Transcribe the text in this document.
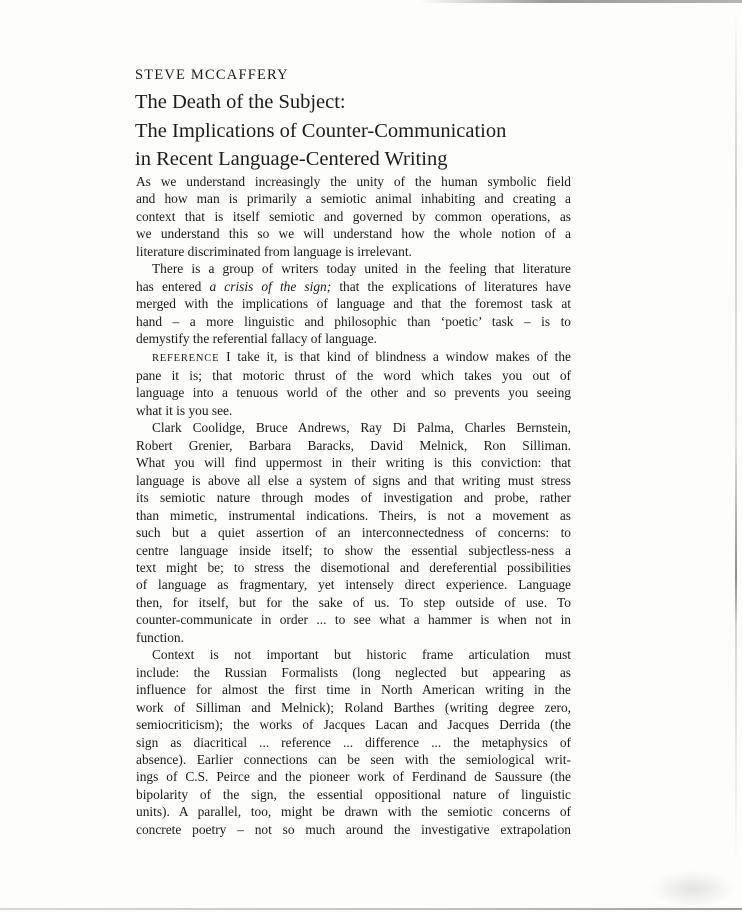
STEVE MCCAFFERY
The Death of the Subject:
The Implications of Counter-Communication
in Recent Language-Centered Writing
As we understand increasingly the unity of the human symbolic field
and how man is primarily a semiotic animal inhabiting and creating a
context that is itself semiotic and governed by common operations, as
we understand this so we will understand how the whole notion of a
literature discriminated from language is irrelevant.
There is a group of writers today united in the feeling that literature
has entered a crisis of the sign; that the explications of literatures have
merged with the implications of language and that the foremost task at
hand – a more linguistic and philosophic than ‘poetic’ task – is to
demystify the referential fallacy of language.
REFERENCE I take it, is that kind of blindness a window makes of the
pane it is; that motoric thrust of the word which takes you out of
language into a tenuous world of the other and so prevents you seeing
what it is you see.
Clark Coolidge, Bruce Andrews, Ray Di Palma, Charles Bernstein,
Robert Grenier, Barbara Baracks, David Melnick, Ron Silliman.
What you will find uppermost in their writing is this conviction: that
language is above all else a system of signs and that writing must stress
its semiotic nature through modes of investigation and probe, rather
than mimetic, instrumental indications. Theirs, is not a movement as
such but a quiet assertion of an interconnectedness of concerns: to
centre language inside itself; to show the essential subjectless-ness a
text might be; to stress the disemotional and dereferential possibilities
of language as fragmentary, yet intensely direct experience. Language
then, for itself, but for the sake of us. To step outside of use. To
counter-communicate in order ... to see what a hammer is when not in
function.
Context is not important but historic frame articulation must
include: the Russian Formalists (long neglected but appearing as
influence for almost the first time in North American writing in the
work of Silliman and Melnick); Roland Barthes (writing degree zero,
semiocriticism); the works of Jacques Lacan and Jacques Derrida (the
sign as diacritical ... reference ... difference ... the metaphysics of
absence). Earlier connections can be seen with the semiological writ-
ings of C.S. Peirce and the pioneer work of Ferdinand de Saussure (the
bipolarity of the sign, the essential oppositional nature of linguistic
units). A parallel, too, might be drawn with the semiotic concerns of
concrete poetry – not so much around the investigative extrapolation
